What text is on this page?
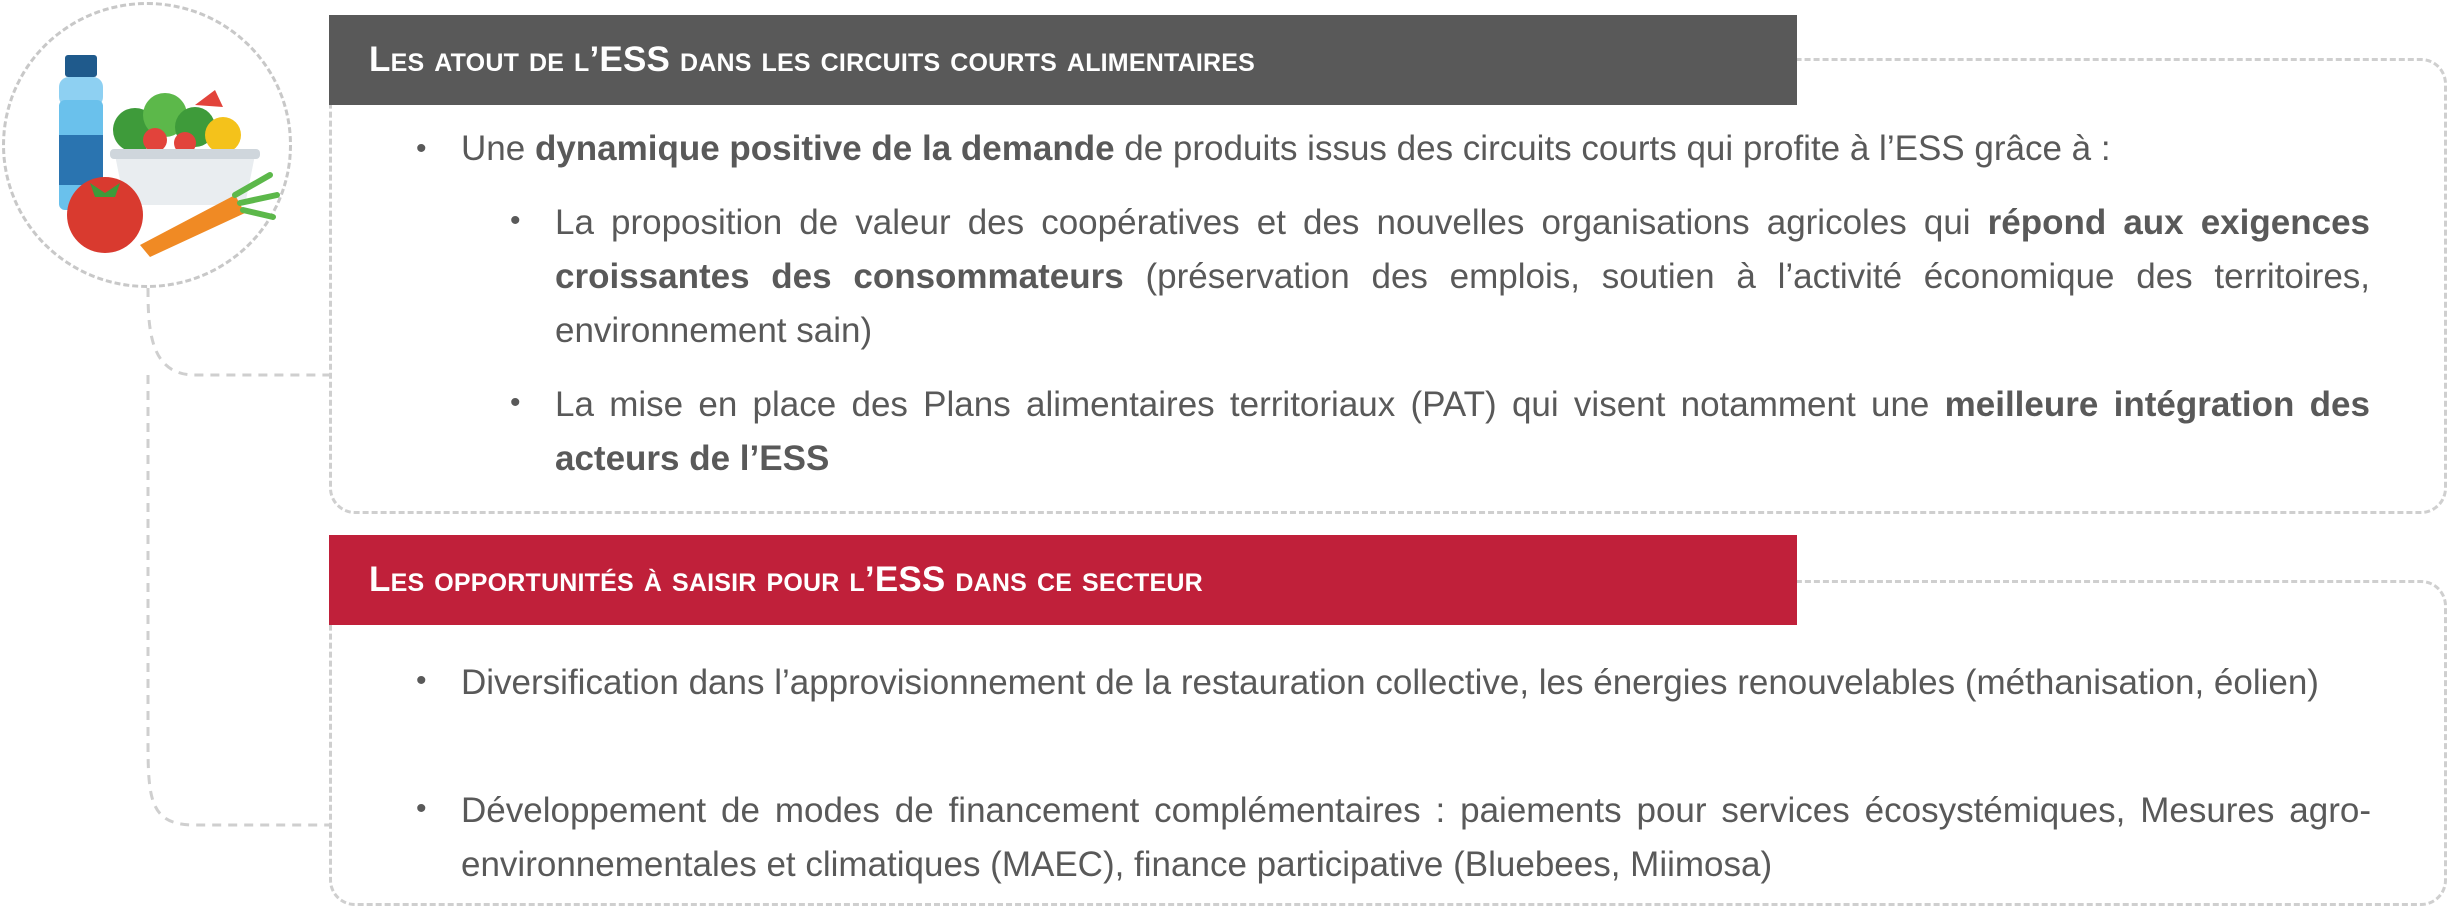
Les atout de l’ESS dans les circuits courts alimentaires
• Une dynamique positive de la demande de produits issus des circuits courts qui profite à l’ESS grâce à :
• La proposition de valeur des coopératives et des nouvelles organisations agricoles qui répond aux exigences croissantes des consommateurs (préservation des emplois, soutien à l’activité économique des territoires, environnement sain)
• La mise en place des Plans alimentaires territoriaux (PAT) qui visent notamment une meilleure intégration des acteurs de l’ESS
Les opportunités à saisir pour l’ESS dans ce secteur
• Diversification dans l’approvisionnement de la restauration collective, les énergies renouvelables (méthanisation, éolien)
• Développement de modes de financement complémentaires : paiements pour services écosystémiques, Mesures agro-environnementales et climatiques (MAEC), finance participative (Bluebees, Miimosa)
